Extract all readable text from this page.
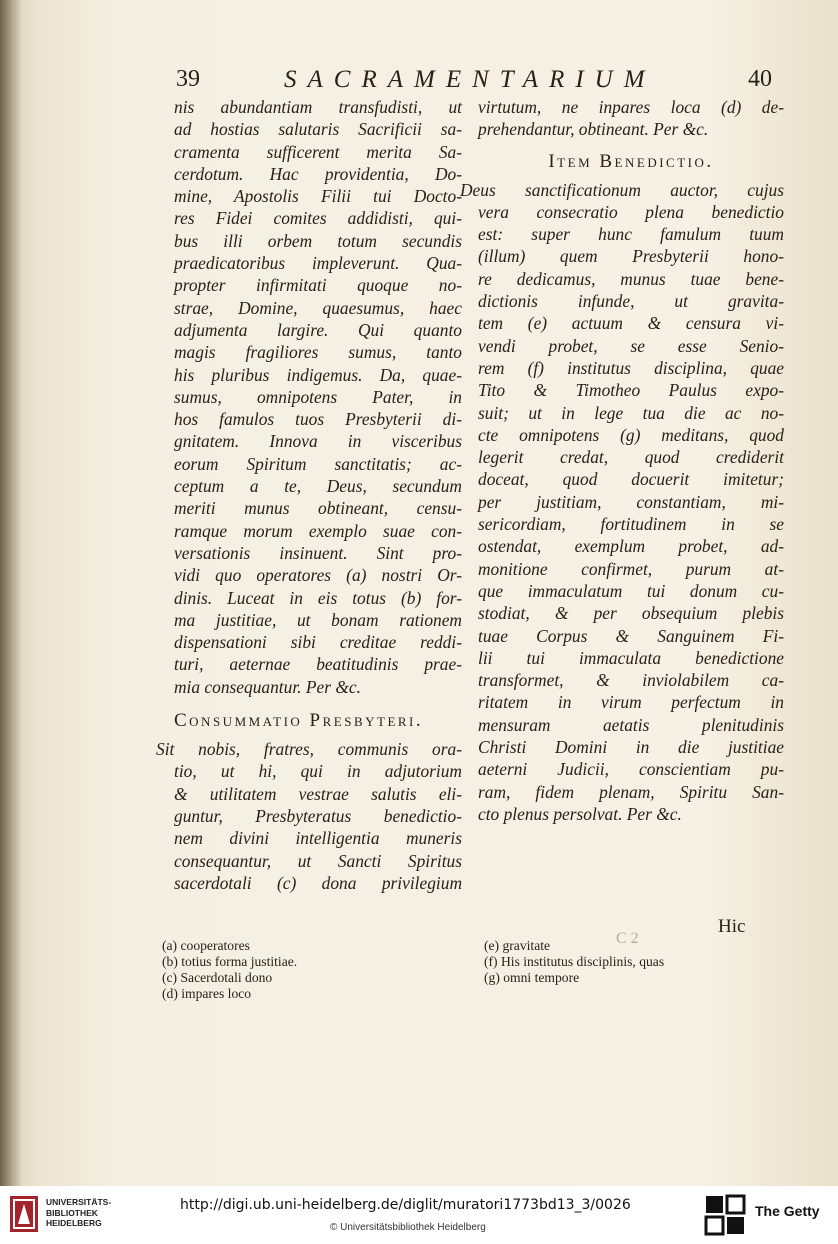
39	SACRAMENTARIUM	40
nis abundantiam transfudisti, ut
ad hostias salutaris Sacrificii sa-
cramenta sufficerent merita Sa-
cerdotum. Hac providentia, Do-
mine, Apostolis Filii tui Docto-
res Fidei comites addidisti, qui-
bus illi orbem totum secundis
praedicatoribus impleverunt. Qua-
propter infirmitati quoque no-
strae, Domine, quaesumus, haec
adjumenta largire. Qui quanto
magis fragiliores sumus, tanto
his pluribus indigemus. Da, quae-
sumus, omnipotens Pater, in
hos famulos tuos Presbyterii di-
gnitatem. Innova in visceribus
eorum Spiritum sanctitatis; ac-
ceptum a te, Deus, secundum
meriti munus obtineant, censu-
ramque morum exemplo suae con-
versationis insinuent. Sint pro-
vidi quo operatores (a) nostri Or-
dinis. Luceat in eis totus (b) for-
ma justitiae, ut bonam rationem
dispensationi sibi creditae reddi-
turi, aeternae beatitudinis prae-
mia consequantur. Per &c.
Consummatio Presbyteri.
Sit nobis, fratres, communis ora-
tio, ut hi, qui in adjutorium
& utilitatem vestrae salutis eli-
guntur, Presbyteratus benedictio-
nem divini intelligentia muneris
consequantur, ut Sancti Spiritus
sacerdotali (c) dona privilegium
virtutum, ne inpares loca (d) de-
prehendantur, obtineant. Per &c.
Item Benedictio.
Deus sanctificationum auctor, cujus
vera consecratio plena benedictio
est: super hunc famulum tuum
(illum) quem Presbyterii hono-
re dedicamus, munus tuae bene-
dictionis infunde, ut gravita-
tem (e) actuum & censura vi-
vendi probet, se esse Senio-
rem (f) institutus disciplina, quae
Tito & Timotheo Paulus expo-
suit; ut in lege tua die ac no-
cte omnipotens (g) meditans, quod
legerit credat, quod crediderit
doceat, quod docuerit imitetur;
per justitiam, constantiam, mi-
sericordiam, fortitudinem in se
ostendat, exemplum probet, ad-
monitione confirmet, purum at-
que immaculatum tui donum cu-
stodiat, & per obsequium plebis
tuae Corpus & Sanguinem Fi-
lii tui immaculata benedictione
transformet, & inviolabilem ca-
ritatem in virum perfectum in
mensuram aetatis plenitudinis
Christi Domini in die justitiae
aeterni Judicii, conscientiam pu-
ram, fidem plenam, Spiritu San-
cto plenus persolvat. Per &c.
C 2
Hic
(a) cooperatores
(b) totius forma justitiae.
(c) Sacerdotali dono
(d) impares loco
(e) gravitate
(f) His institutus disciplinis, quas
(g) omni tempore
UNIVERSITÄTS-
BIBLIOTHEK
HEIDELBERG
http://digi.ub.uni-heidelberg.de/diglit/muratori1773bd13_3/0026
© Universitätsbibliothek Heidelberg
The Getty
